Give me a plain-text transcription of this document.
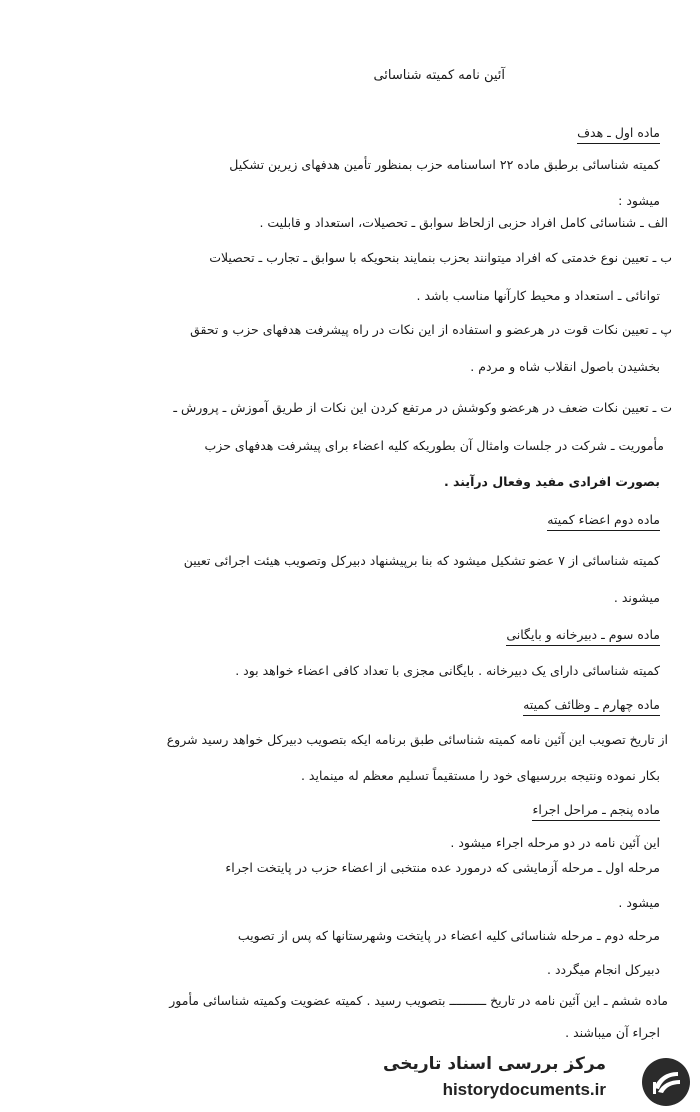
آئین نامه کمیته شناسائی
ماده اول ـ هدف
کمیته شناسائی برطبق ماده ۲۲ اساسنامه حزب بمنظور تأمین هدفهای زیرین تشکیل
میشود :
الف ـ شناسائی کامل افراد حزبی ازلحاظ سوابق ـ تحصیلات، استعداد و قابلیت .
ب ـ تعیین نوع خدمتی که افراد میتوانند بحزب بنمایند بنحویکه با سوابق ـ تجارب ـ تحصیلات
توانائی ـ استعداد و محیط کارآنها مناسب باشد .
پ ـ تعیین نکات قوت در هرعضو و استفاده از این نکات در راه پیشرفت هدفهای حزب و تحقق
بخشیدن باصول انقلاب شاه و مردم .
ت ـ تعیین نکات ضعف در هرعضو وکوشش در مرتفع کردن این نکات از طریق آموزش ـ پرورش ـ
مأموریت ـ شرکت در جلسات وامثال آن بطوریکه کلیه اعضاء برای پیشرفت هدفهای حزب
بصورت افرادی مفید وفعال درآیند .
ماده دوم اعضاء کمیته
کمیته شناسائی از ۷ عضو تشکیل میشود که بنا برپیشنهاد دبیرکل وتصویب هیئت اجرائی تعیین
میشوند .
ماده سوم ـ دبیرخانه و بایگانی
کمیته شناسائی دارای یک دبیرخانه . بایگانی مجزی با تعداد کافی اعضاء خواهد بود .
ماده چهارم ـ وظائف کمیته
از تاریخ تصویب این آئین نامه کمیته شناسائی طبق برنامه ایکه بتصویب دبیرکل خواهد رسید شروع
بکار نموده ونتیجه بررسیهای خود را مستقیماً تسلیم معظم له مینماید .
ماده پنجم ـ مراحل اجراء
این آئین نامه در دو مرحله اجراء میشود .
مرحله اول ـ مرحله آزمایشی که درمورد عده منتخبی از اعضاء حزب در پایتخت اجراء
میشود .
مرحله دوم ـ مرحله شناسائی کلیه اعضاء در پایتخت وشهرستانها که پس از تصویب
دبیرکل انجام میگردد .
ماده ششم ـ این آئین نامه در تاریخ ــــــــــ بتصویب رسید . کمیته عضویت وکمیته شناسائی مأمور
اجراء آن میباشند .
مرکز بررسی اسناد تاریخی
historydocuments.ir
